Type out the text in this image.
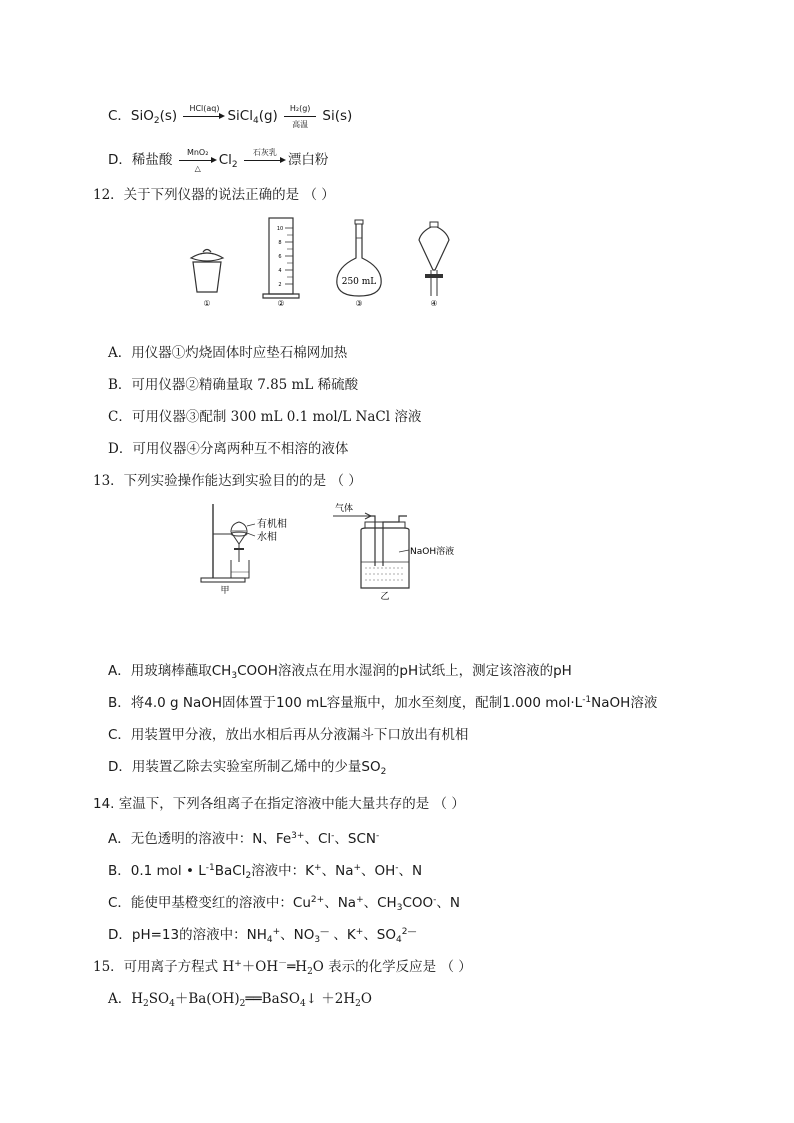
C．SiO$_2$(s)	HCl(aq) SiCl$_4$(g)	H₂(g)
高温
Si(s)
D．稀盐酸	MnO₂
△
$Cl_2$
石灰乳 漂白粉
12．关于下列仪器的说法正确的是 （ ）
①
10
8
6
4
2
②
250 mL
③	④
A．用仪器①灼烧固体时应垫石棉网加热
B．可用仪器②精确量取 7.85 mL 稀硫酸
C．可用仪器③配制 300 mL 0.1 mol/L NaCl 溶液
D．可用仪器④分离两种互不相溶的液体
13．下列实验操作能达到实验目的的是 （ ）
有机相
水相
甲
气体
NaOH溶液
乙
A．用玻璃棒蘸取$CH_3COOH$溶液点在用水湿润的pH试纸上，测定该溶液的pH
B．将4.0 g NaOH固体置于100 mL容量瓶中，加水至刻度，配制1.000 $mol\cdot L^{-1}NaOH$溶液
C．用装置甲分液，放出水相后再从分液漏斗下口放出有机相
D．用装置乙除去实验室所制乙烯中的少量$SO_2$
14. 室温下，下列各组离子在指定溶液中能大量共存的是 （ ）
A．无色透明的溶液中：N、$Fe^{3+}$、Cl-、SCN-
B．0.1 mol • $L^{-1}BaCl_2$溶液中：K+、Na+、OH-、N
C．能使甲基橙变红的溶液中：$Cu^{2+}$、Na+、$CH_3COO^-$、N
D．pH=13的溶液中：$NH_4^+$、$NO_3^—$ 、K+、$SO_4^{2—}$
15．可用离子方程式 $H^++OH^-═H_2O$ 表示的化学反应是 （ ）
A．$H_2SO_4+Ba(OH)_2══BaSO_4↓ +2H_2O$
